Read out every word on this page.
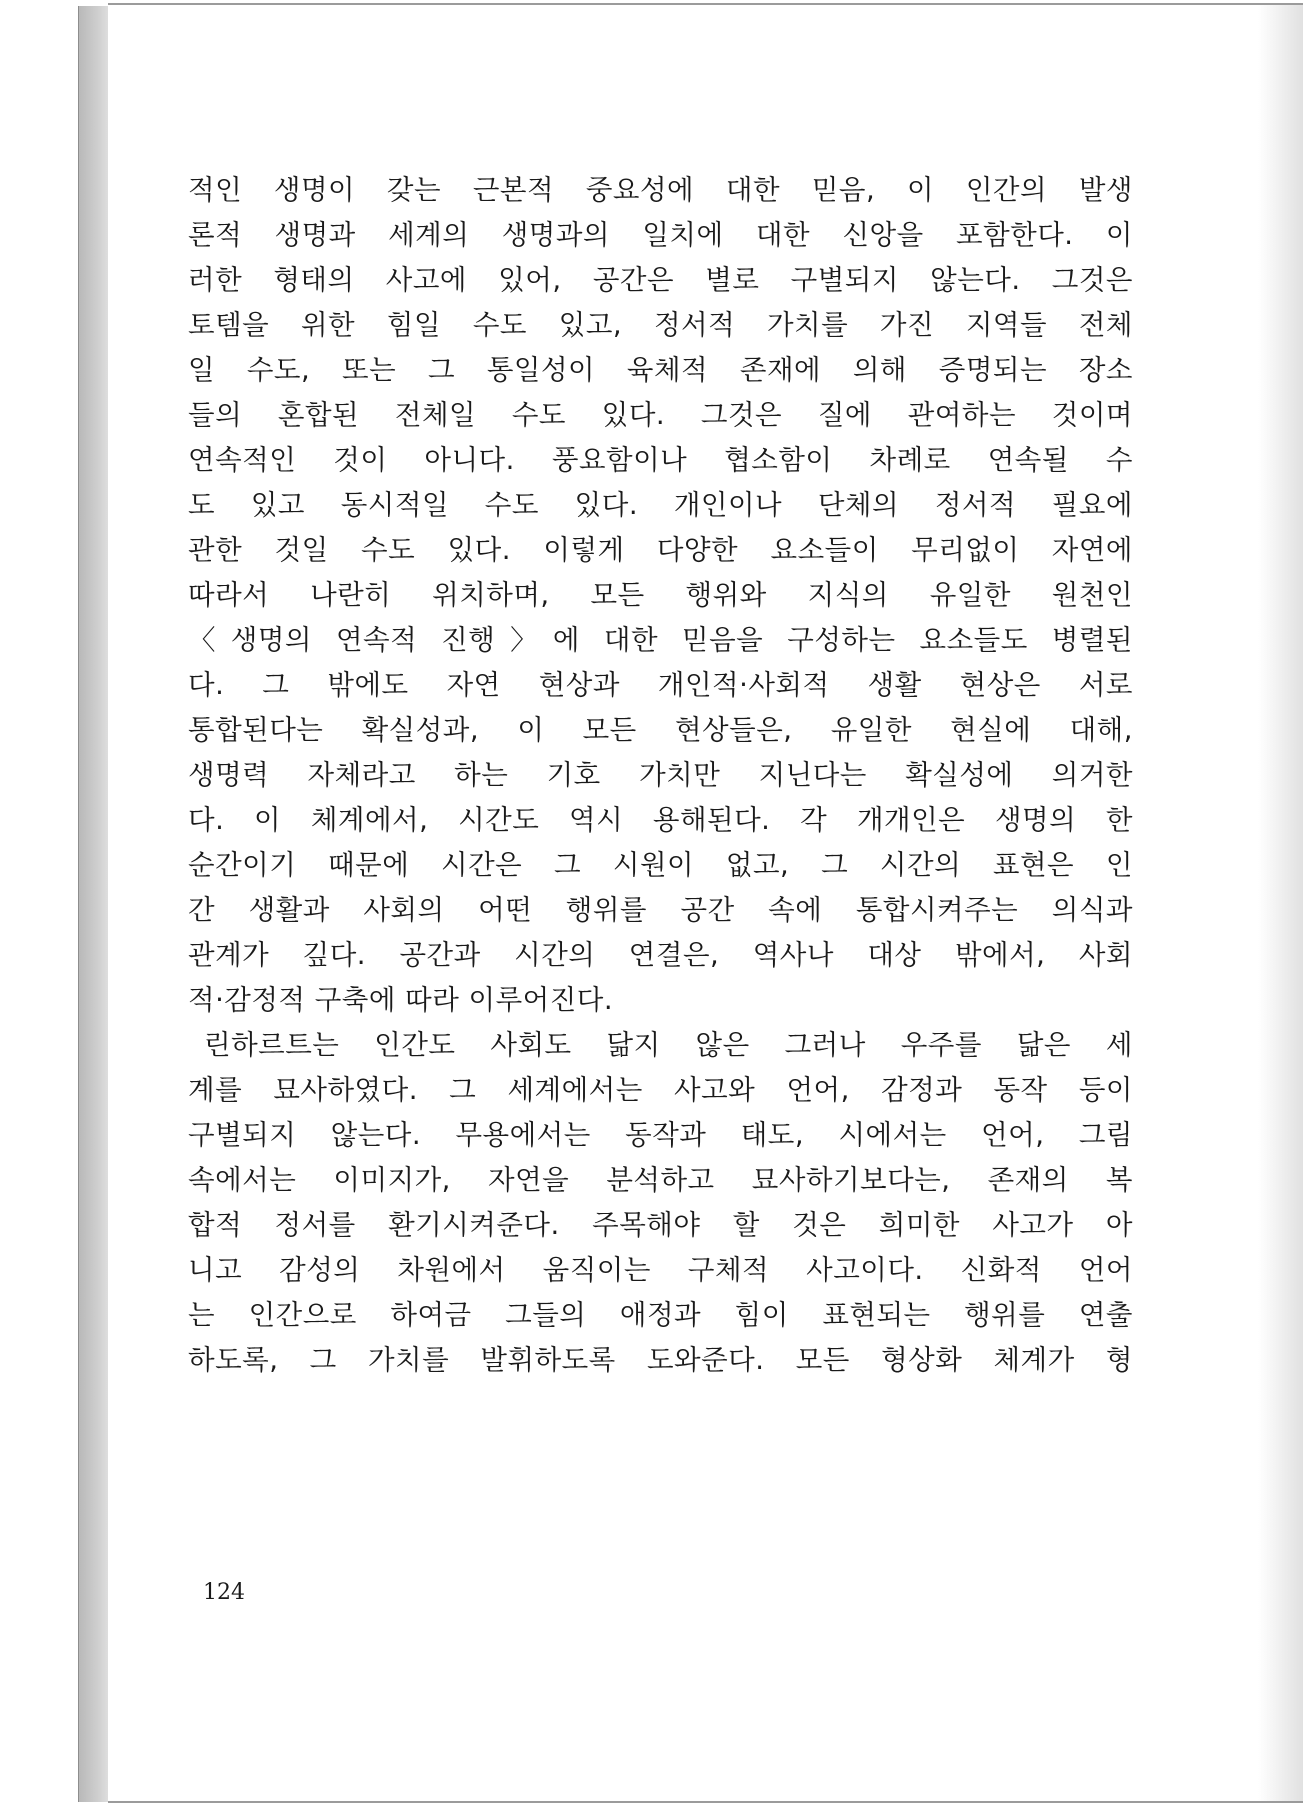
적인 생명이 갖는 근본적 중요성에 대한 믿음, 이 인간의 발생
론적 생명과 세계의 생명과의 일치에 대한 신앙을 포함한다. 이
러한 형태의 사고에 있어, 공간은 별로 구별되지 않는다. 그것은
토템을 위한 힘일 수도 있고, 정서적 가치를 가진 지역들 전체
일 수도, 또는 그 통일성이 육체적 존재에 의해 증명되는 장소
들의 혼합된 전체일 수도 있다. 그것은 질에 관여하는 것이며
연속적인 것이 아니다. 풍요함이나 협소함이 차례로 연속될 수
도 있고 동시적일 수도 있다. 개인이나 단체의 정서적 필요에
관한 것일 수도 있다. 이렇게 다양한 요소들이 무리없이 자연에
따라서 나란히 위치하며, 모든 행위와 지식의 유일한 원천인
〈생명의 연속적 진행〉에 대한 믿음을 구성하는 요소들도 병렬된
다. 그 밖에도 자연 현상과 개인적·사회적 생활 현상은 서로
통합된다는 확실성과, 이 모든 현상들은, 유일한 현실에 대해,
생명력 자체라고 하는 기호 가치만 지닌다는 확실성에 의거한
다. 이 체계에서, 시간도 역시 용해된다. 각 개개인은 생명의 한
순간이기 때문에 시간은 그 시원이 없고, 그 시간의 표현은 인
간 생활과 사회의 어떤 행위를 공간 속에 통합시켜주는 의식과
관계가 깊다. 공간과 시간의 연결은, 역사나 대상 밖에서, 사회
적·감정적 구축에 따라 이루어진다.
린하르트는 인간도 사회도 닮지 않은 그러나 우주를 닮은 세
계를 묘사하였다. 그 세계에서는 사고와 언어, 감정과 동작 등이
구별되지 않는다. 무용에서는 동작과 태도, 시에서는 언어, 그림
속에서는 이미지가, 자연을 분석하고 묘사하기보다는, 존재의 복
합적 정서를 환기시켜준다. 주목해야 할 것은 희미한 사고가 아
니고 감성의 차원에서 움직이는 구체적 사고이다. 신화적 언어
는 인간으로 하여금 그들의 애정과 힘이 표현되는 행위를 연출
하도록, 그 가치를 발휘하도록 도와준다. 모든 형상화 체계가 형
124
